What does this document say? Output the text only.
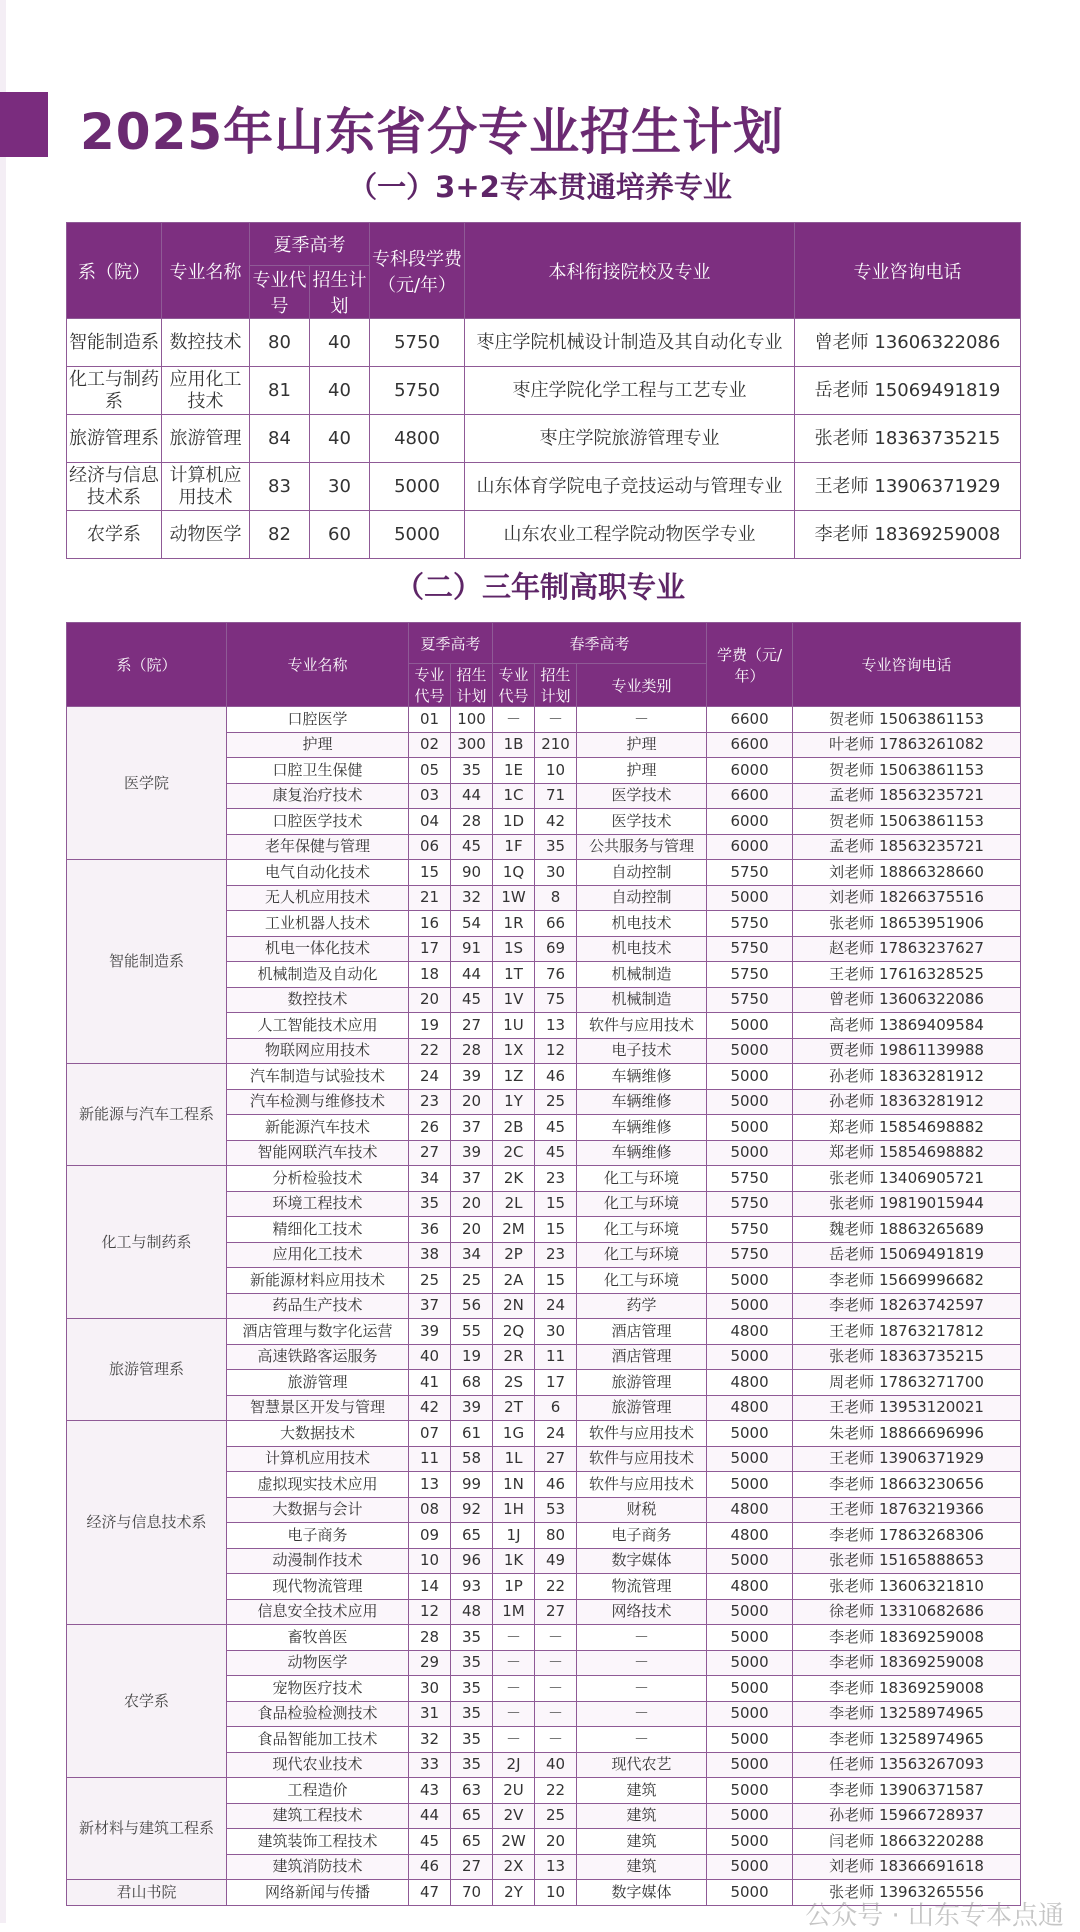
2025年山东省分专业招生计划
（一）3+2专本贯通培养专业
系（院）	专业名称	夏季高考		专科段学费（元/年）	本科衔接院校及专业	专业咨询电话
		专业代号	招生计划			
智能制造系	数控技术	80	40	5750	枣庄学院机械设计制造及其自动化专业	曾老师 13606322086
化工与制药系	应用化工技术	81	40	5750	枣庄学院化学工程与工艺专业	岳老师 15069491819
旅游管理系	旅游管理	84	40	4800	枣庄学院旅游管理专业	张老师 18363735215
经济与信息技术系	计算机应用技术	83	30	5000	山东体育学院电子竞技运动与管理专业	王老师 13906371929
农学系	动物医学	82	60	5000	山东农业工程学院动物医学专业	李老师 18369259008
（二）三年制高职专业
系（院）	专业名称	夏季高考		春季高考			学费（元/年）	专业咨询电话
		专业代号	招生计划	专业代号	招生计划	专业类别		
医学院	口腔医学	01	100	－	－	－	6600	贺老师 15063861153
	护理	02	300	1B	210	护理	6600	叶老师 17863261082
	口腔卫生保健	05	35	1E	10	护理	6000	贺老师 15063861153
	康复治疗技术	03	44	1C	71	医学技术	6600	孟老师 18563235721
	口腔医学技术	04	28	1D	42	医学技术	6000	贺老师 15063861153
	老年保健与管理	06	45	1F	35	公共服务与管理	6000	孟老师 18563235721
智能制造系	电气自动化技术	15	90	1Q	30	自动控制	5750	刘老师 18866328660
	无人机应用技术	21	32	1W	8	自动控制	5000	刘老师 18266375516
	工业机器人技术	16	54	1R	66	机电技术	5750	张老师 18653951906
	机电一体化技术	17	91	1S	69	机电技术	5750	赵老师 17863237627
	机械制造及自动化	18	44	1T	76	机械制造	5750	王老师 17616328525
	数控技术	20	45	1V	75	机械制造	5750	曾老师 13606322086
	人工智能技术应用	19	27	1U	13	软件与应用技术	5000	高老师 13869409584
	物联网应用技术	22	28	1X	12	电子技术	5000	贾老师 19861139988
新能源与汽车工程系	汽车制造与试验技术	24	39	1Z	46	车辆维修	5000	孙老师 18363281912
	汽车检测与维修技术	23	20	1Y	25	车辆维修	5000	孙老师 18363281912
	新能源汽车技术	26	37	2B	45	车辆维修	5000	郑老师 15854698882
	智能网联汽车技术	27	39	2C	45	车辆维修	5000	郑老师 15854698882
化工与制药系	分析检验技术	34	37	2K	23	化工与环境	5750	张老师 13406905721
	环境工程技术	35	20	2L	15	化工与环境	5750	张老师 19819015944
	精细化工技术	36	20	2M	15	化工与环境	5750	魏老师 18863265689
	应用化工技术	38	34	2P	23	化工与环境	5750	岳老师 15069491819
	新能源材料应用技术	25	25	2A	15	化工与环境	5000	李老师 15669996682
	药品生产技术	37	56	2N	24	药学	5000	李老师 18263742597
旅游管理系	酒店管理与数字化运营	39	55	2Q	30	酒店管理	4800	王老师 18763217812
	高速铁路客运服务	40	19	2R	11	酒店管理	5000	张老师 18363735215
	旅游管理	41	68	2S	17	旅游管理	4800	周老师 17863271700
	智慧景区开发与管理	42	39	2T	6	旅游管理	4800	王老师 13953120021
经济与信息技术系	大数据技术	07	61	1G	24	软件与应用技术	5000	朱老师 18866696996
	计算机应用技术	11	58	1L	27	软件与应用技术	5000	王老师 13906371929
	虚拟现实技术应用	13	99	1N	46	软件与应用技术	5000	李老师 18663230656
	大数据与会计	08	92	1H	53	财税	4800	王老师 18763219366
	电子商务	09	65	1J	80	电子商务	4800	李老师 17863268306
	动漫制作技术	10	96	1K	49	数字媒体	5000	张老师 15165888653
	现代物流管理	14	93	1P	22	物流管理	4800	张老师 13606321810
	信息安全技术应用	12	48	1M	27	网络技术	5000	徐老师 13310682686
农学系	畜牧兽医	28	35	－	－	－	5000	李老师 18369259008
	动物医学	29	35	－	－	－	5000	李老师 18369259008
	宠物医疗技术	30	35	－	－	－	5000	李老师 18369259008
	食品检验检测技术	31	35	－	－	－	5000	李老师 13258974965
	食品智能加工技术	32	35	－	－	－	5000	李老师 13258974965
	现代农业技术	33	35	2J	40	现代农艺	5000	任老师 13563267093
新材料与建筑工程系	工程造价	43	63	2U	22	建筑	5000	李老师 13906371587
	建筑工程技术	44	65	2V	25	建筑	5000	孙老师 15966728937
	建筑装饰工程技术	45	65	2W	20	建筑	5000	闫老师 18663220288
	建筑消防技术	46	27	2X	13	建筑	5000	刘老师 18366691618
君山书院	网络新闻与传播	47	70	2Y	10	数字媒体	5000	张老师 13963265556
公众号 · 山东专本点通
